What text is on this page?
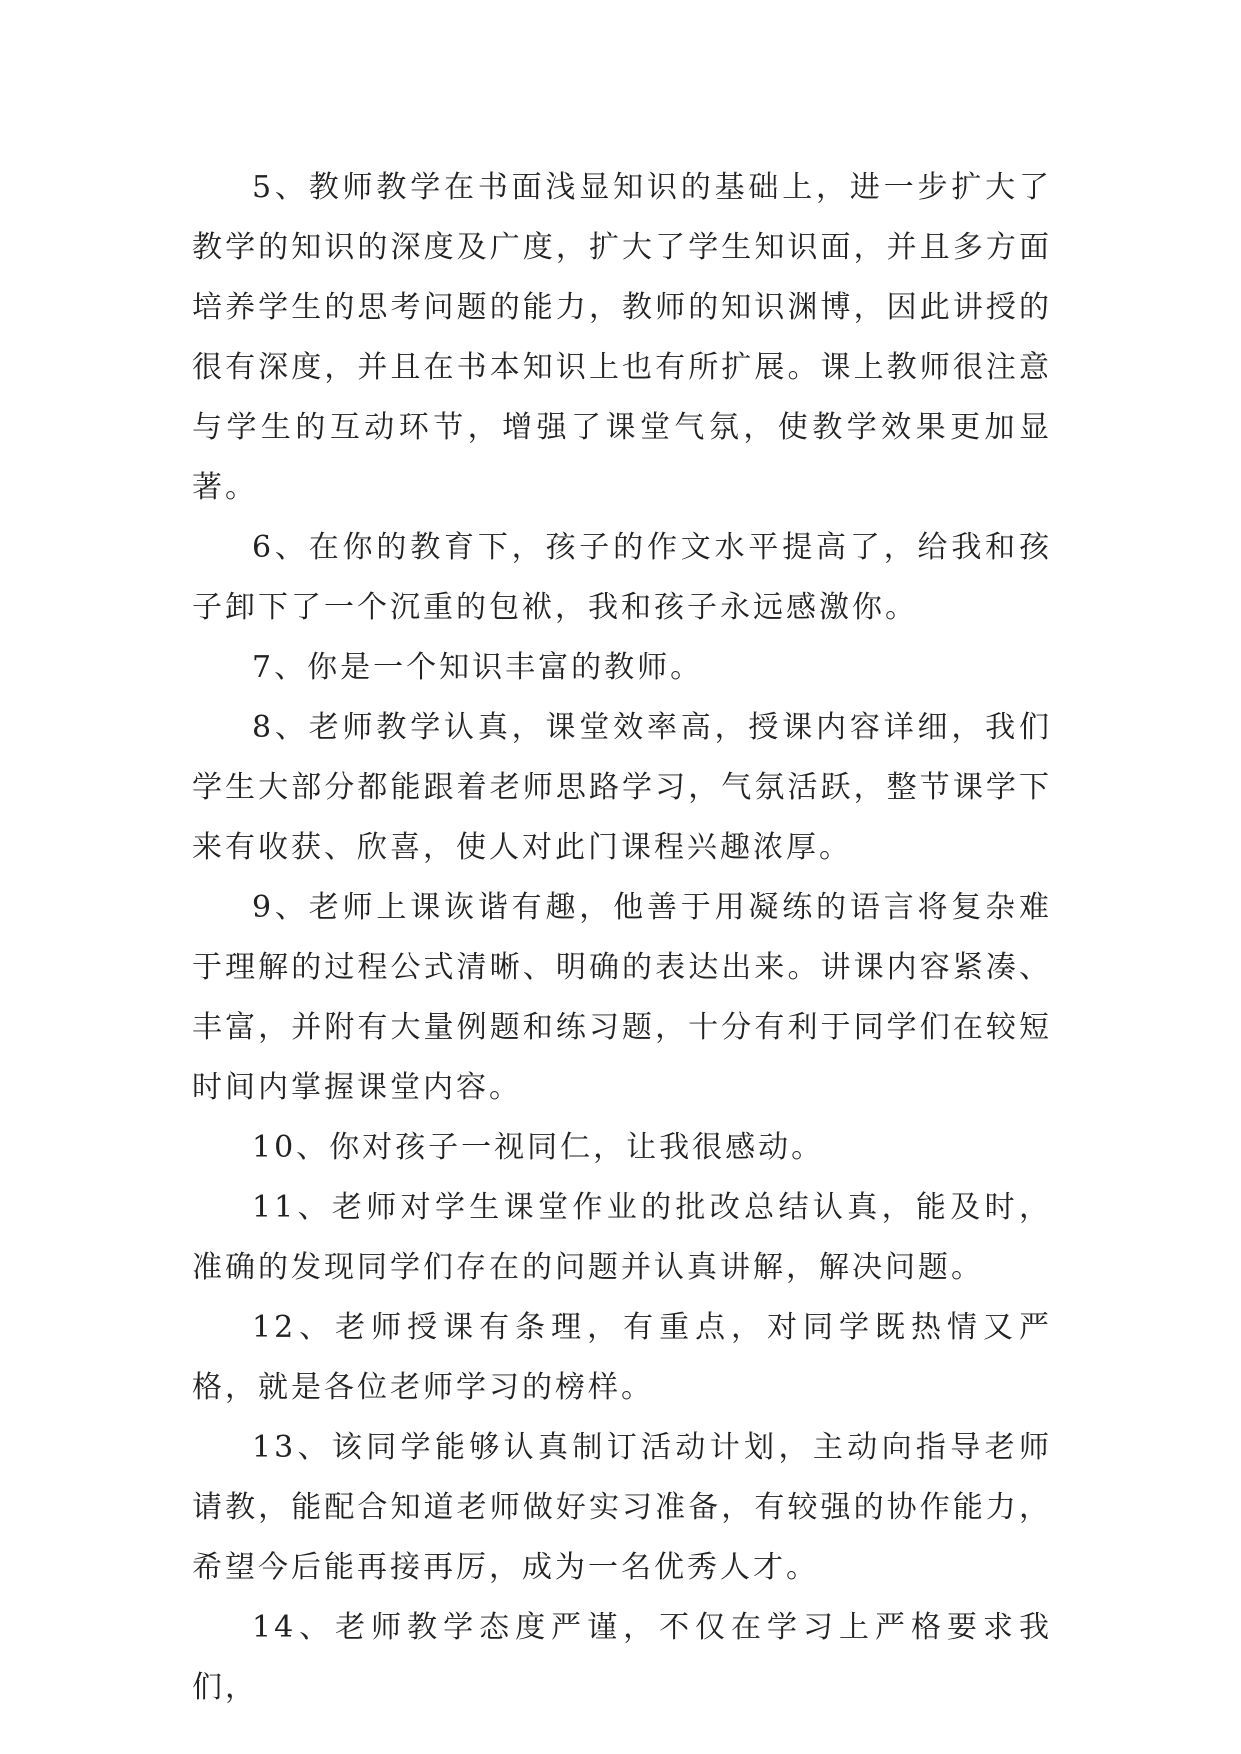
5、教师教学在书面浅显知识的基础上，进一步扩大了教学的知识的深度及广度，扩大了学生知识面，并且多方面培养学生的思考问题的能力，教师的知识渊博，因此讲授的很有深度，并且在书本知识上也有所扩展。课上教师很注意与学生的互动环节，增强了课堂气氛，使教学效果更加显著。

6、在你的教育下，孩子的作文水平提高了，给我和孩子卸下了一个沉重的包袱，我和孩子永远感激你。

7、你是一个知识丰富的教师。

8、老师教学认真，课堂效率高，授课内容详细，我们学生大部分都能跟着老师思路学习，气氛活跃，整节课学下来有收获、欣喜，使人对此门课程兴趣浓厚。

9、老师上课诙谐有趣，他善于用凝练的语言将复杂难于理解的过程公式清晰、明确的表达出来。讲课内容紧凑、丰富，并附有大量例题和练习题，十分有利于同学们在较短时间内掌握课堂内容。

10、你对孩子一视同仁，让我很感动。

11、老师对学生课堂作业的批改总结认真，能及时，准确的发现同学们存在的问题并认真讲解，解决问题。

12、老师授课有条理，有重点，对同学既热情又严格，就是各位老师学习的榜样。

13、该同学能够认真制订活动计划，主动向指导老师请教，能配合知道老师做好实习准备，有较强的协作能力，希望今后能再接再厉，成为一名优秀人才。

14、老师教学态度严谨，不仅在学习上严格要求我们，
